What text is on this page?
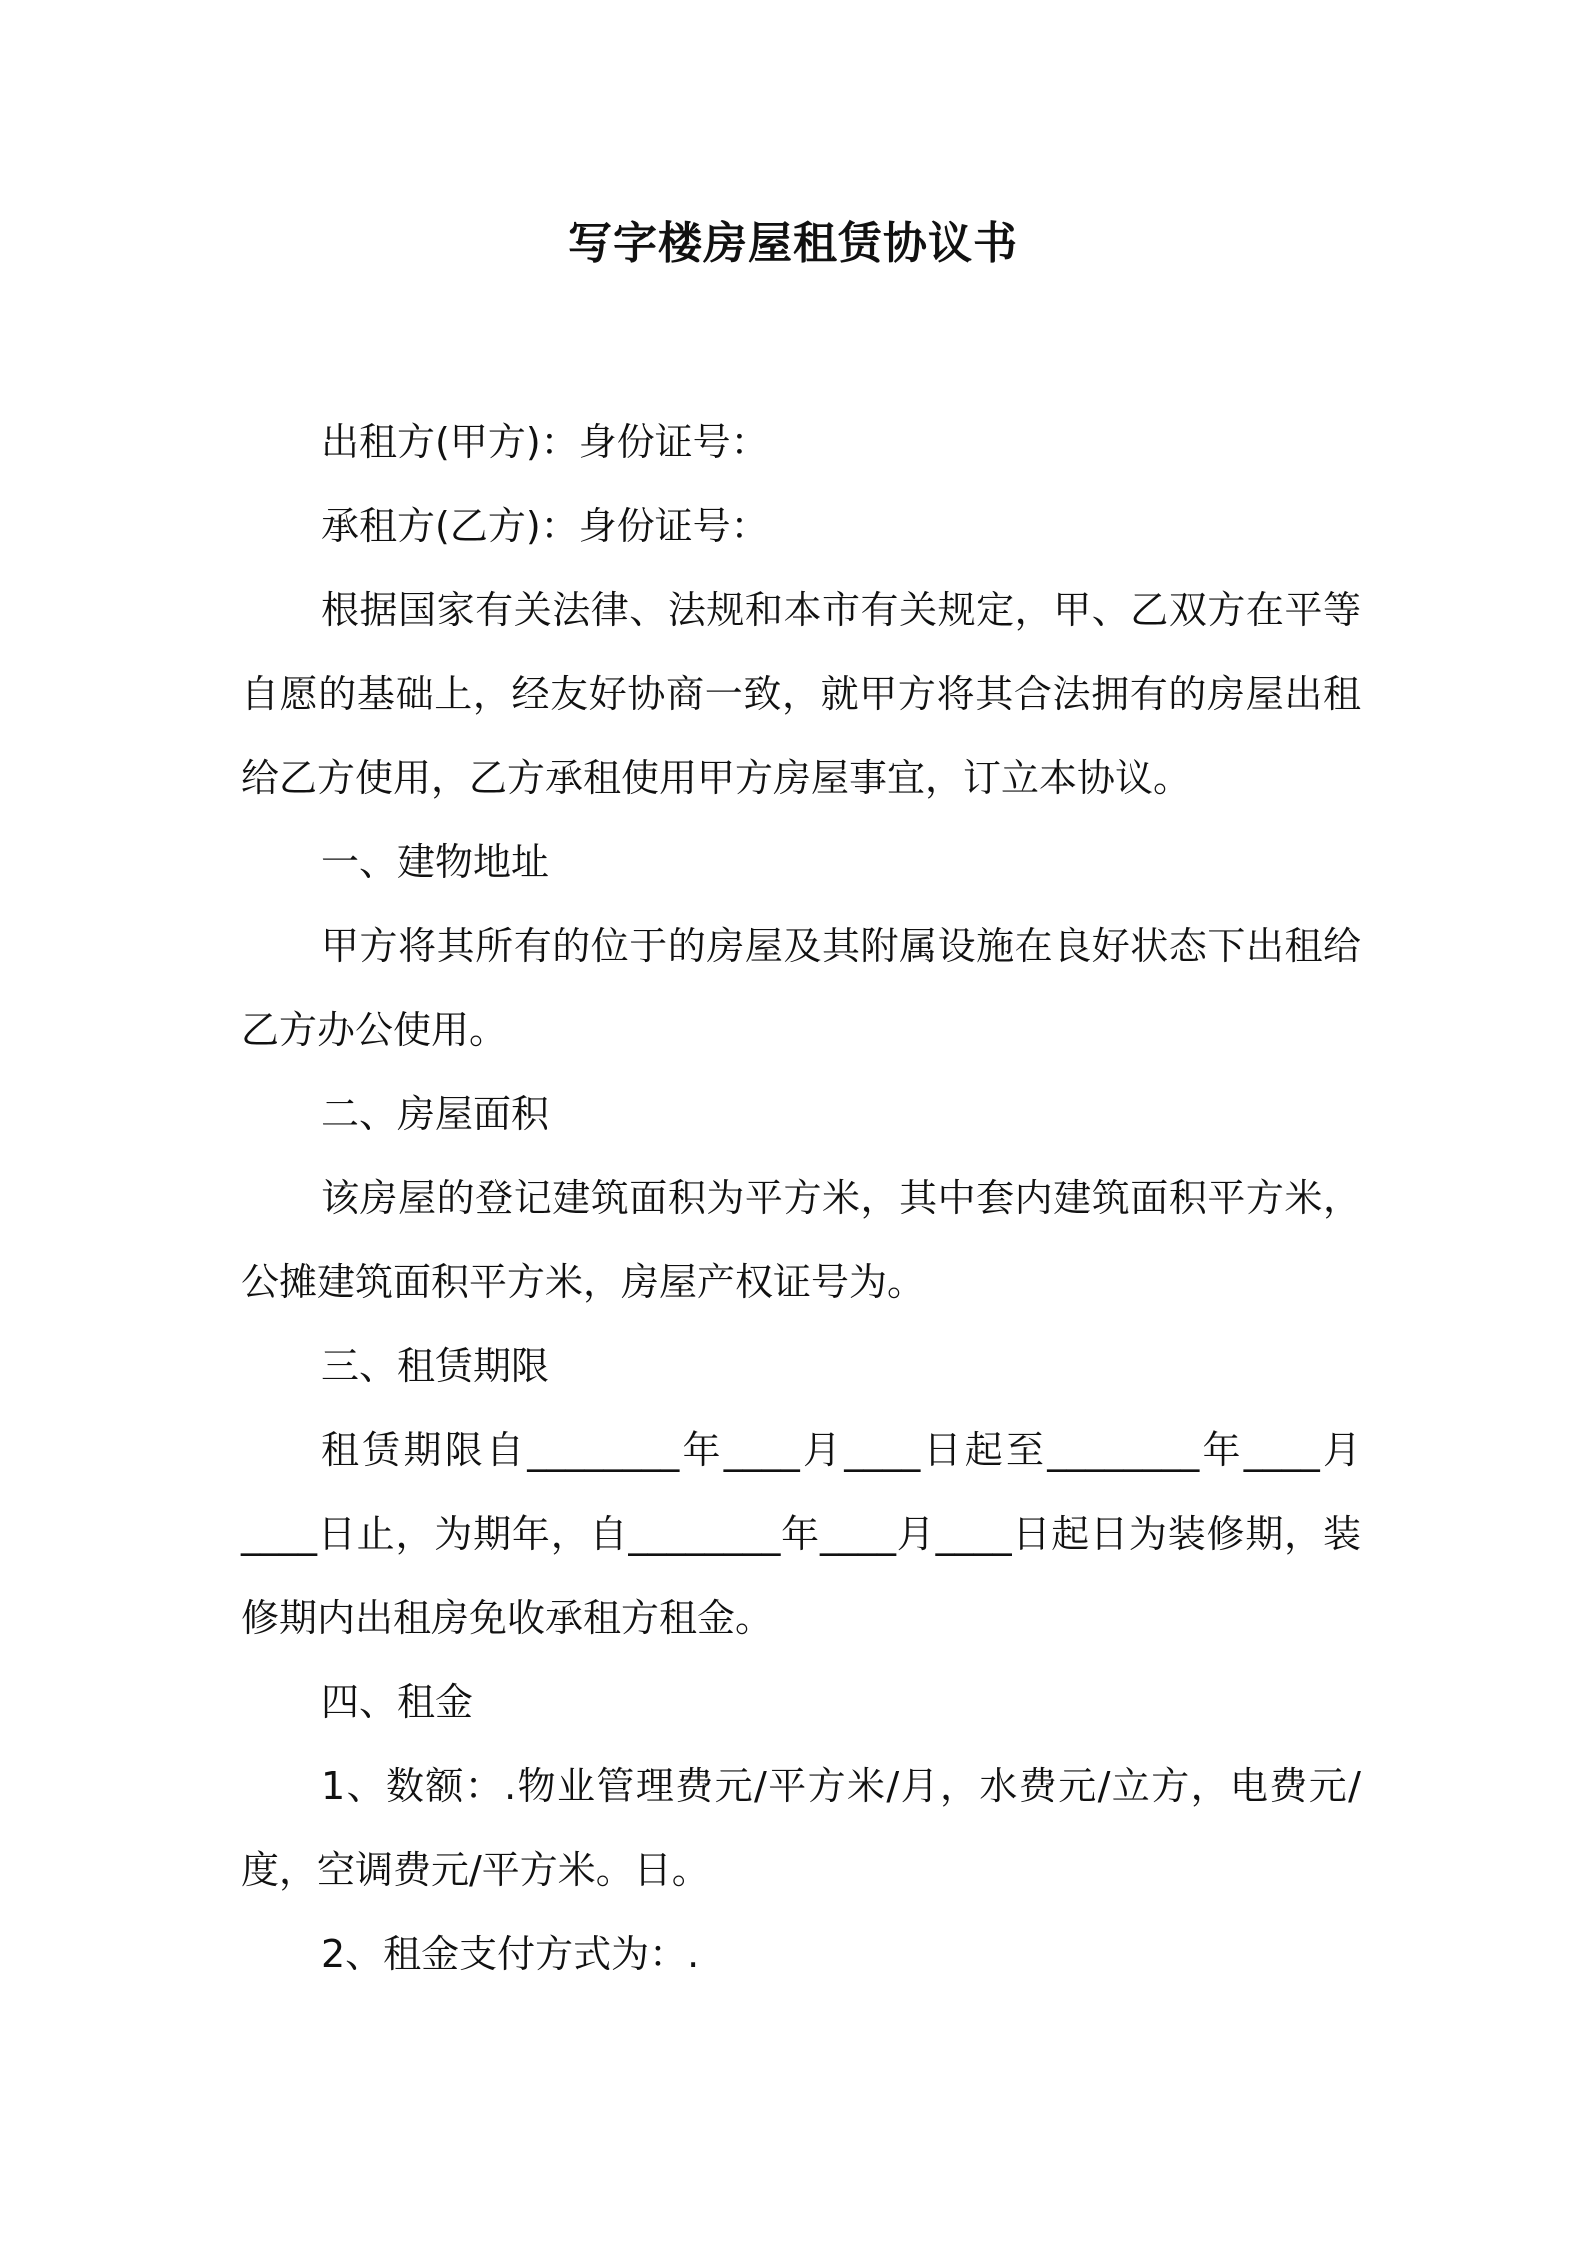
写字楼房屋租赁协议书

出租方(甲方)：身份证号：

承租方(乙方)：身份证号：

根据国家有关法律、法规和本市有关规定，甲、乙双方在平等自愿的基础上，经友好协商一致，就甲方将其合法拥有的房屋出租给乙方使用，乙方承租使用甲方房屋事宜，订立本协议。

一、建物地址

甲方将其所有的位于的房屋及其附属设施在良好状态下出租给乙方办公使用。

二、房屋面积

该房屋的登记建筑面积为平方米，其中套内建筑面积平方米，公摊建筑面积平方米，房屋产权证号为。

三、租赁期限

租赁期限自________年____月____日起至________年____月____日止，为期年，自________年____月____日起日为装修期，装修期内出租房免收承租方租金。

四、租金

1、数额：.物业管理费元/平方米/月，水费元/立方，电费元/度，空调费元/平方米。日。

2、租金支付方式为：.
